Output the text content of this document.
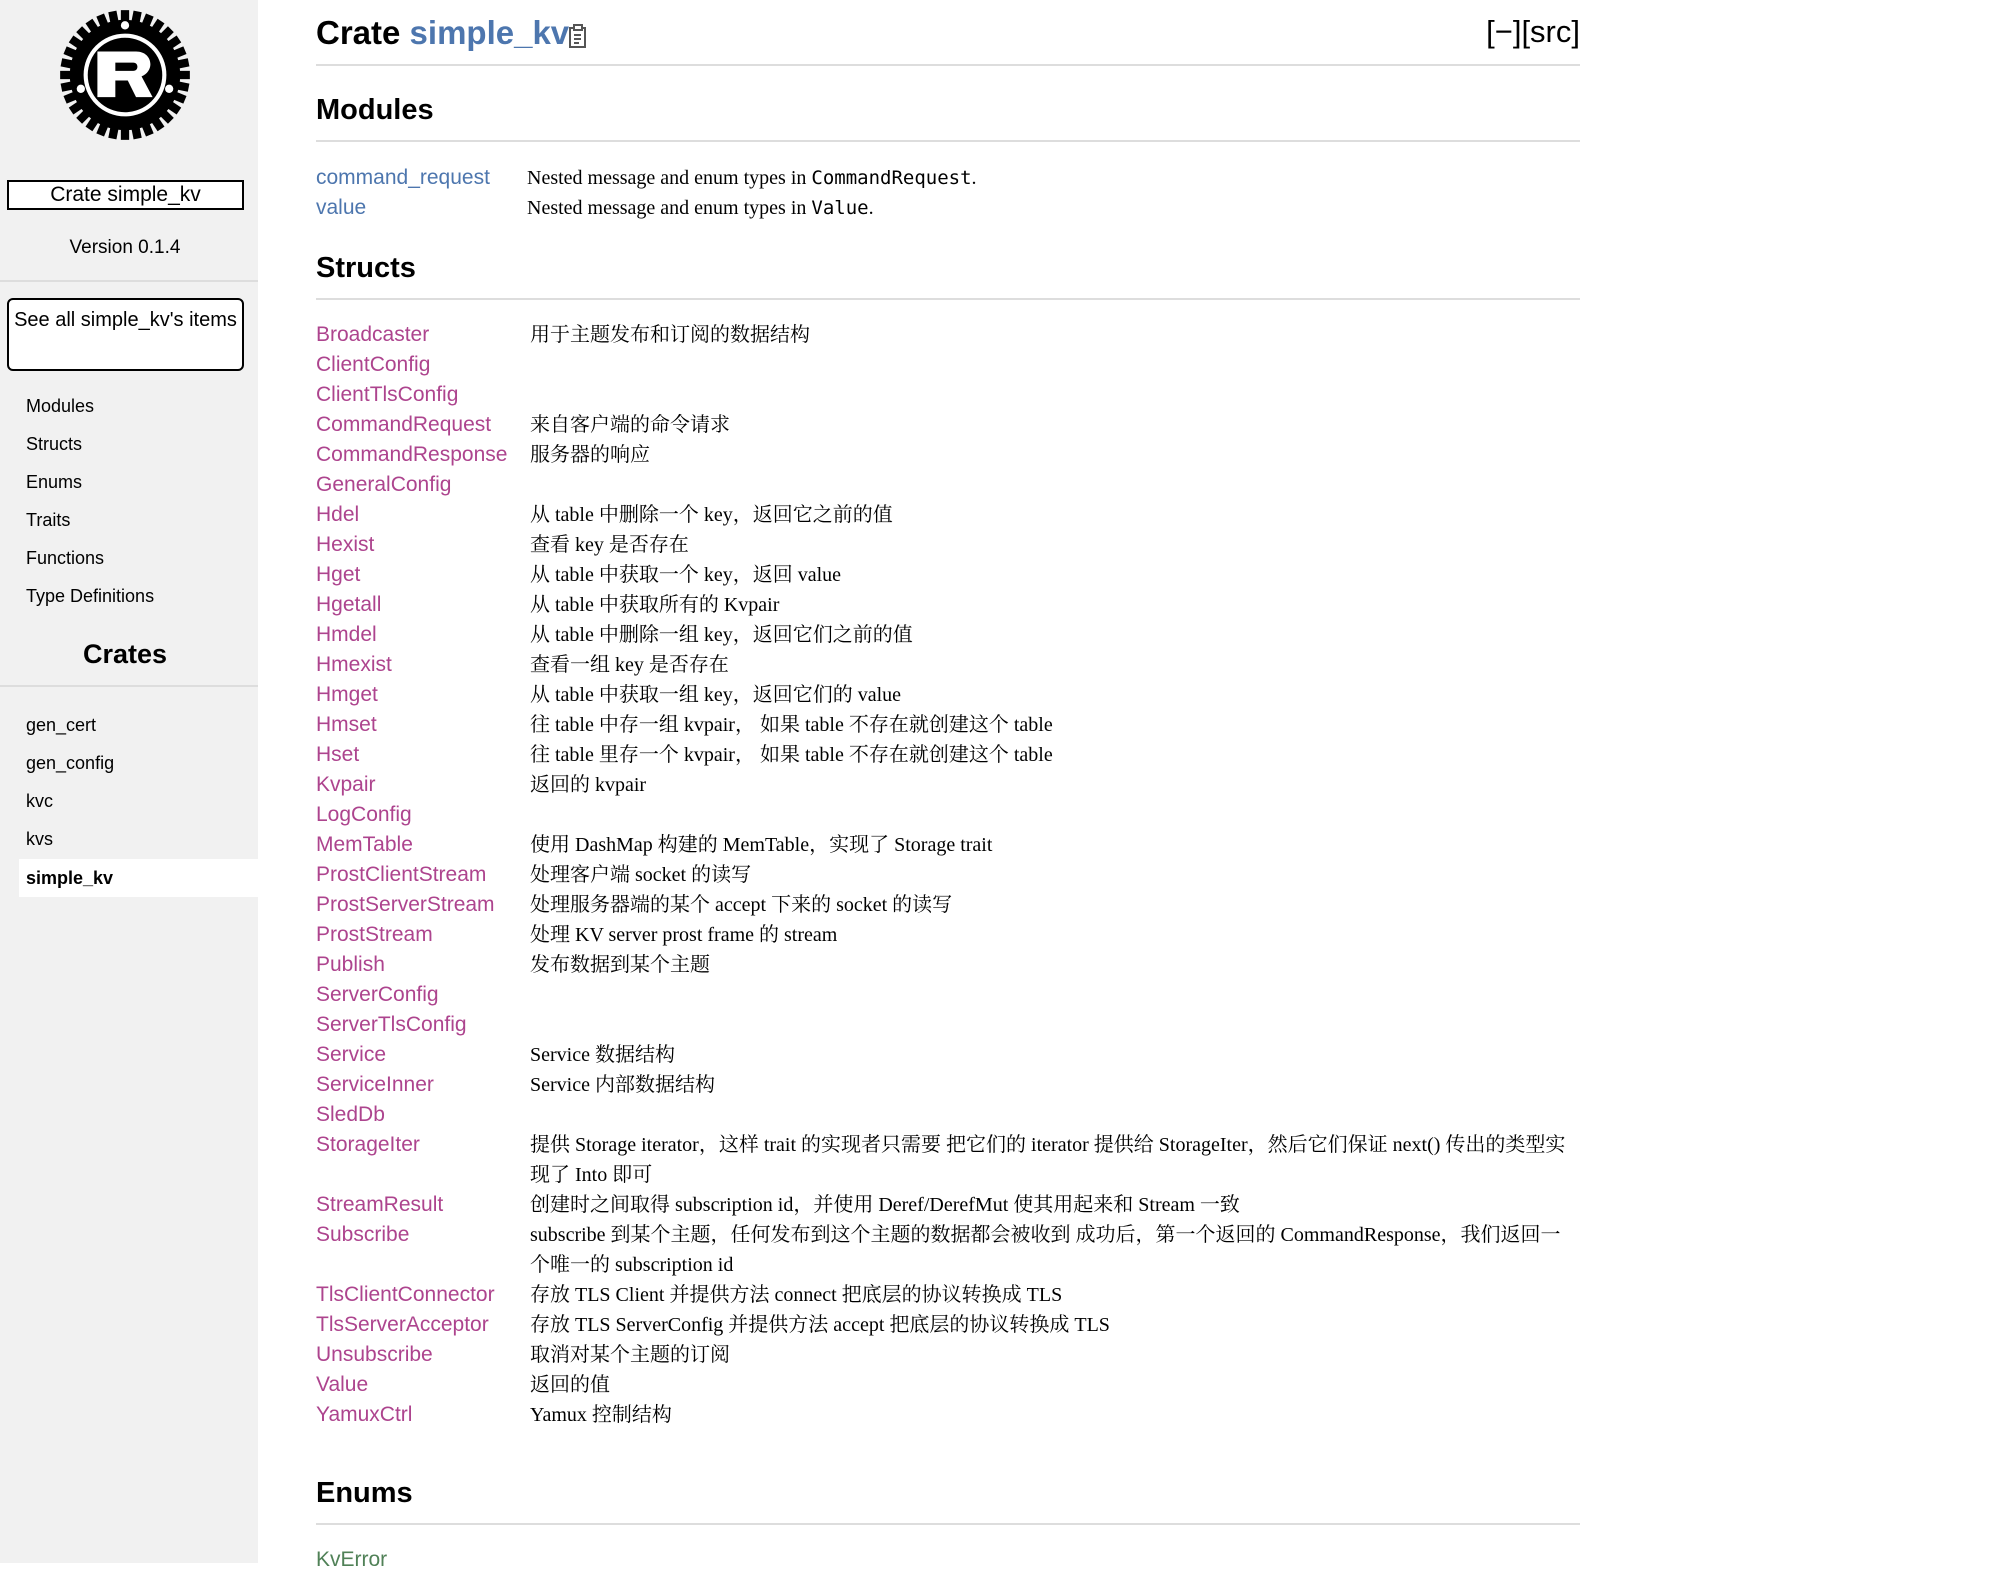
Crate simple_kv
Version 0.1.4
See all simple_kv's items
Modules
Structs
Enums
Traits
Functions
Type Definitions
Crates
gen_cert
gen_config
kvc
kvs
simple_kv
Crate simple_kv	[−][src]
Modules
command_request	Nested message and enum types in CommandRequest.
value	Nested message and enum types in Value.
Structs
Broadcaster	用于主题发布和订阅的数据结构
ClientConfig
ClientTlsConfig
CommandRequest	来自客户端的命令请求
CommandResponse	服务器的响应
GeneralConfig
Hdel	从 table 中删除一个 key，返回它之前的值
Hexist	查看 key 是否存在
Hget	从 table 中获取一个 key，返回 value
Hgetall	从 table 中获取所有的 Kvpair
Hmdel	从 table 中删除一组 key，返回它们之前的值
Hmexist	查看一组 key 是否存在
Hmget	从 table 中获取一组 key，返回它们的 value
Hmset	往 table 中存一组 kvpair， 如果 table 不存在就创建这个 table
Hset	往 table 里存一个 kvpair， 如果 table 不存在就创建这个 table
Kvpair	返回的 kvpair
LogConfig
MemTable	使用 DashMap 构建的 MemTable，实现了 Storage trait
ProstClientStream	处理客户端 socket 的读写
ProstServerStream	处理服务器端的某个 accept 下来的 socket 的读写
ProstStream	处理 KV server prost frame 的 stream
Publish	发布数据到某个主题
ServerConfig
ServerTlsConfig
Service	Service 数据结构
ServiceInner	Service 内部数据结构
SledDb
StorageIter	提供 Storage iterator，这样 trait 的实现者只需要 把它们的 iterator 提供给 StorageIter，然后它们保证 next() 传出的类型实现了 Into 即可
StreamResult	创建时之间取得 subscription id，并使用 Deref/DerefMut 使其用起来和 Stream 一致
Subscribe	subscribe 到某个主题，任何发布到这个主题的数据都会被收到 成功后，第一个返回的 CommandResponse，我们返回一个唯一的 subscription id
TlsClientConnector	存放 TLS Client 并提供方法 connect 把底层的协议转换成 TLS
TlsServerAcceptor	存放 TLS ServerConfig 并提供方法 accept 把底层的协议转换成 TLS
Unsubscribe	取消对某个主题的订阅
Value	返回的值
YamuxCtrl	Yamux 控制结构
Enums
KvError
